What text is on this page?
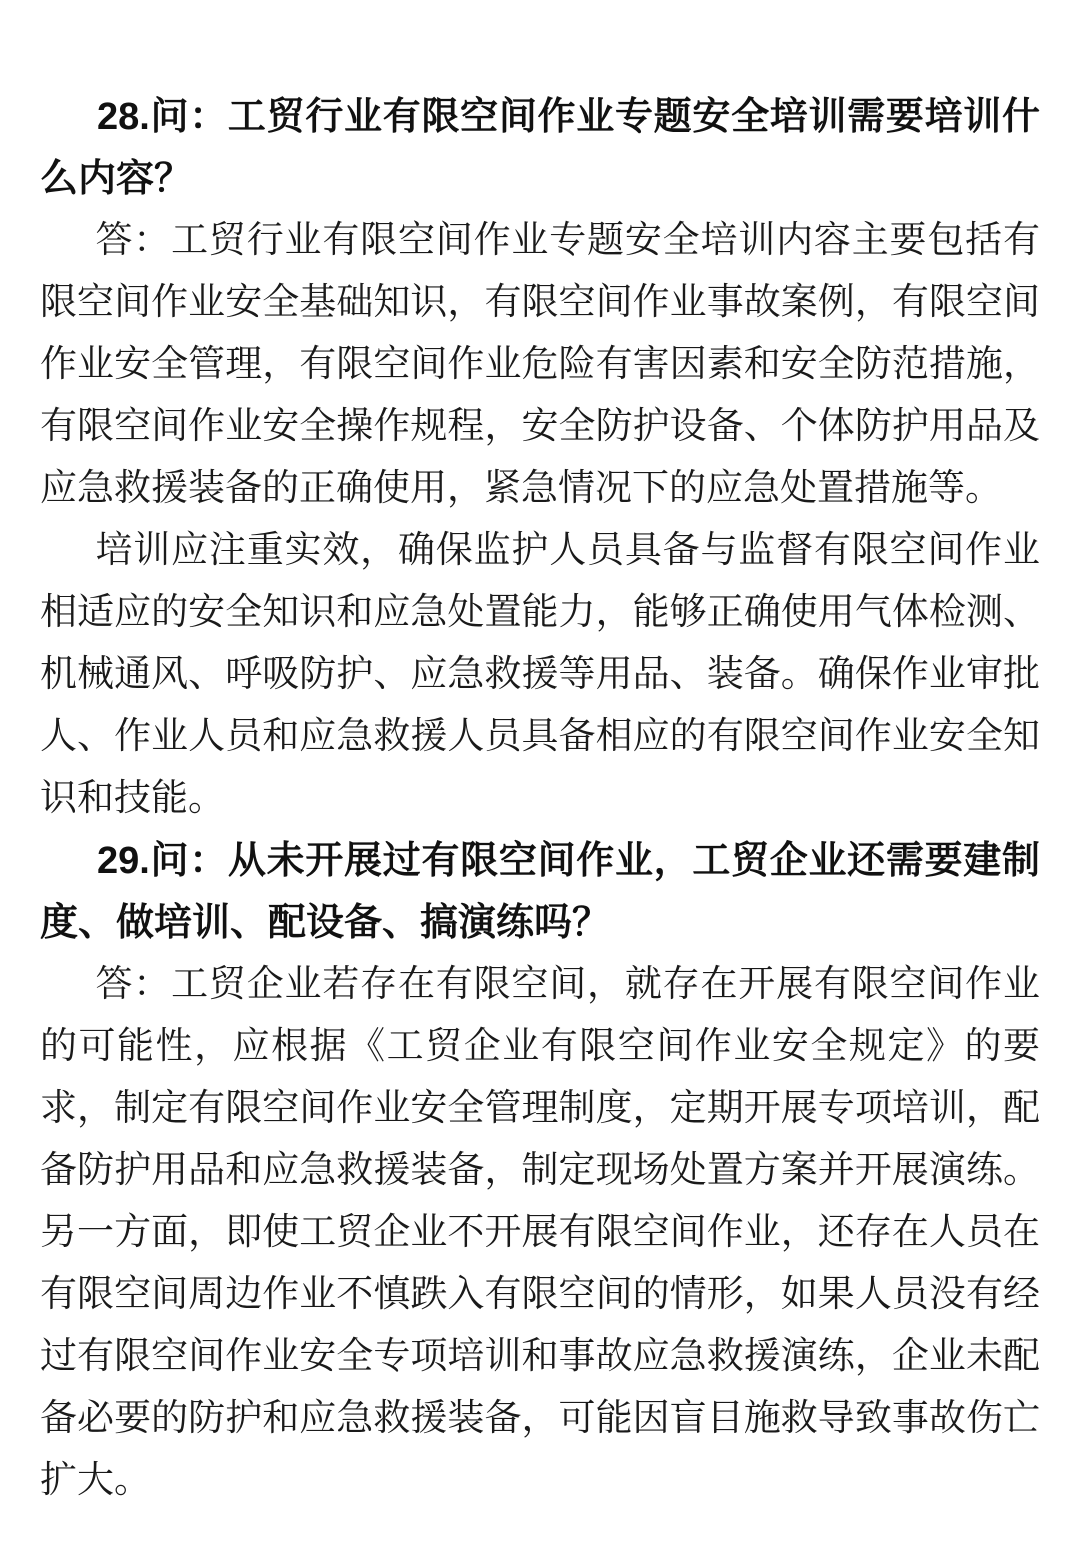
28.问：工贸行业有限空间作业专题安全培训需要培训什么内容？

答：工贸行业有限空间作业专题安全培训内容主要包括有限空间作业安全基础知识，有限空间作业事故案例，有限空间作业安全管理，有限空间作业危险有害因素和安全防范措施，有限空间作业安全操作规程，安全防护设备、个体防护用品及应急救援装备的正确使用，紧急情况下的应急处置措施等。

培训应注重实效，确保监护人员具备与监督有限空间作业相适应的安全知识和应急处置能力，能够正确使用气体检测、机械通风、呼吸防护、应急救援等用品、装备。确保作业审批人、作业人员和应急救援人员具备相应的有限空间作业安全知识和技能。

29.问：从未开展过有限空间作业，工贸企业还需要建制度、做培训、配设备、搞演练吗？

答：工贸企业若存在有限空间，就存在开展有限空间作业的可能性，应根据《工贸企业有限空间作业安全规定》的要求，制定有限空间作业安全管理制度，定期开展专项培训，配备防护用品和应急救援装备，制定现场处置方案并开展演练。另一方面，即使工贸企业不开展有限空间作业，还存在人员在有限空间周边作业不慎跌入有限空间的情形，如果人员没有经过有限空间作业安全专项培训和事故应急救援演练，企业未配备必要的防护和应急救援装备，可能因盲目施救导致事故伤亡扩大。
